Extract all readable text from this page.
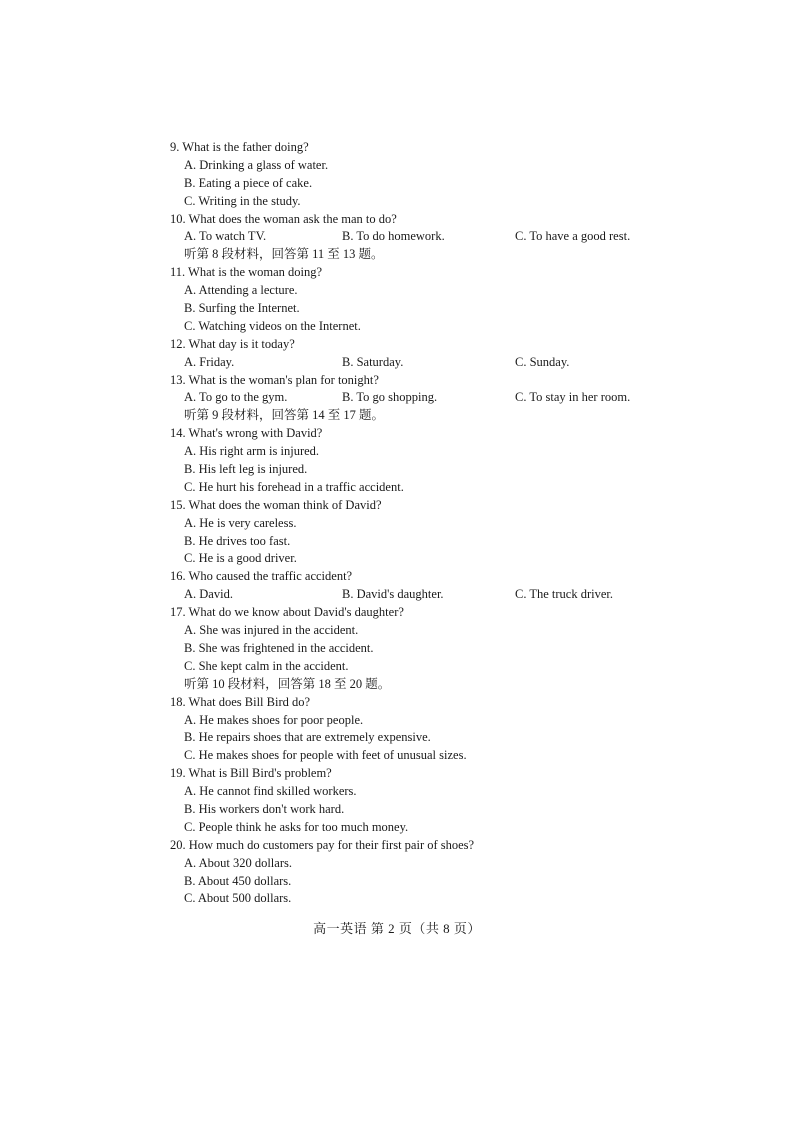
9. What is the father doing?
A. Drinking a glass of water.
B. Eating a piece of cake.
C. Writing in the study.
10. What does the woman ask the man to do?
A. To watch TV.	B. To do homework.	C. To have a good rest.
听第 8 段材料，回答第 11 至 13 题。
11. What is the woman doing?
A. Attending a lecture.
B. Surfing the Internet.
C. Watching videos on the Internet.
12. What day is it today?
A. Friday.	B. Saturday.	C. Sunday.
13. What is the woman's plan for tonight?
A. To go to the gym.	B. To go shopping.	C. To stay in her room.
听第 9 段材料，回答第 14 至 17 题。
14. What's wrong with David?
A. His right arm is injured.
B. His left leg is injured.
C. He hurt his forehead in a traffic accident.
15. What does the woman think of David?
A. He is very careless.
B. He drives too fast.
C. He is a good driver.
16. Who caused the traffic accident?
A. David.	B. David's daughter.	C. The truck driver.
17. What do we know about David's daughter?
A. She was injured in the accident.
B. She was frightened in the accident.
C. She kept calm in the accident.
听第 10 段材料，回答第 18 至 20 题。
18. What does Bill Bird do?
A. He makes shoes for poor people.
B. He repairs shoes that are extremely expensive.
C. He makes shoes for people with feet of unusual sizes.
19. What is Bill Bird's problem?
A. He cannot find skilled workers.
B. His workers don't work hard.
C. People think he asks for too much money.
20. How much do customers pay for their first pair of shoes?
A. About 320 dollars.
B. About 450 dollars.
C. About 500 dollars.
高一英语 第 2 页（共 8 页）
